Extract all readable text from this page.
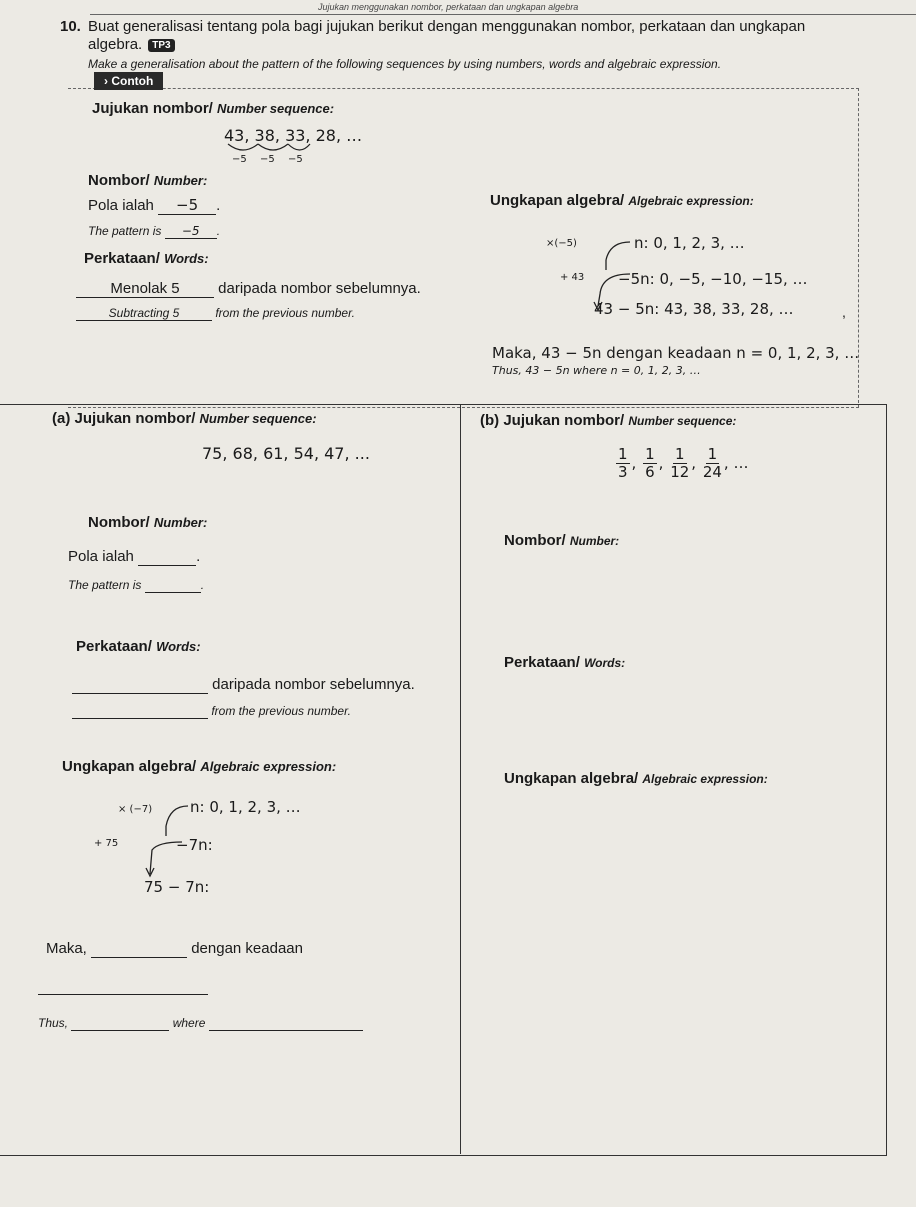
Jujukan menggunakan nombor, perkataan dan ungkapan algebra
10. Buat generalisasi tentang pola bagi jujukan berikut dengan menggunakan nombor, perkataan dan ungkapan
algebra. TP3
Make a generalisation about the pattern of the following sequences by using numbers, words and algebraic expression.
› Contoh
Jujukan nombor/ Number sequence:
43, 38, 33, 28, …
−5 −5 −5
Nombor/ Number:
Pola ialah −5 .
The pattern is −5 .
Perkataan/ Words:
Menolak 5	daripada nombor sebelumnya.
Subtracting 5	from the previous number.
Ungkapan algebra/ Algebraic expression:
×(−5)
+ 43
n: 0, 1, 2, 3, …
−5n: 0, −5, −10, −15, …
43 − 5n: 43, 38, 33, 28, …	,
Maka, 43 − 5n dengan keadaan n = 0, 1, 2, 3, …
Thus, 43 − 5n where n = 0, 1, 2, 3, …
(a) Jujukan nombor/ Number sequence:
75, 68, 61, 54, 47, ...
Nombor/ Number:
Pola ialah	.
The pattern is	.
Perkataan/ Words:
daripada nombor sebelumnya.
from the previous number.
Ungkapan algebra/ Algebraic expression:
× (−7)
+ 75
n: 0, 1, 2, 3, …
−7n:
75 − 7n:
Maka,	dengan keadaan
Thus,	where
(b) Jujukan nombor/ Number sequence:
$\frac{1}{3}$ , $\frac{1}{6}$ , $\frac{1}{12}$ , $\frac{1}{24}$ , …
Nombor/ Number:
Perkataan/ Words:
Ungkapan algebra/ Algebraic expression:
